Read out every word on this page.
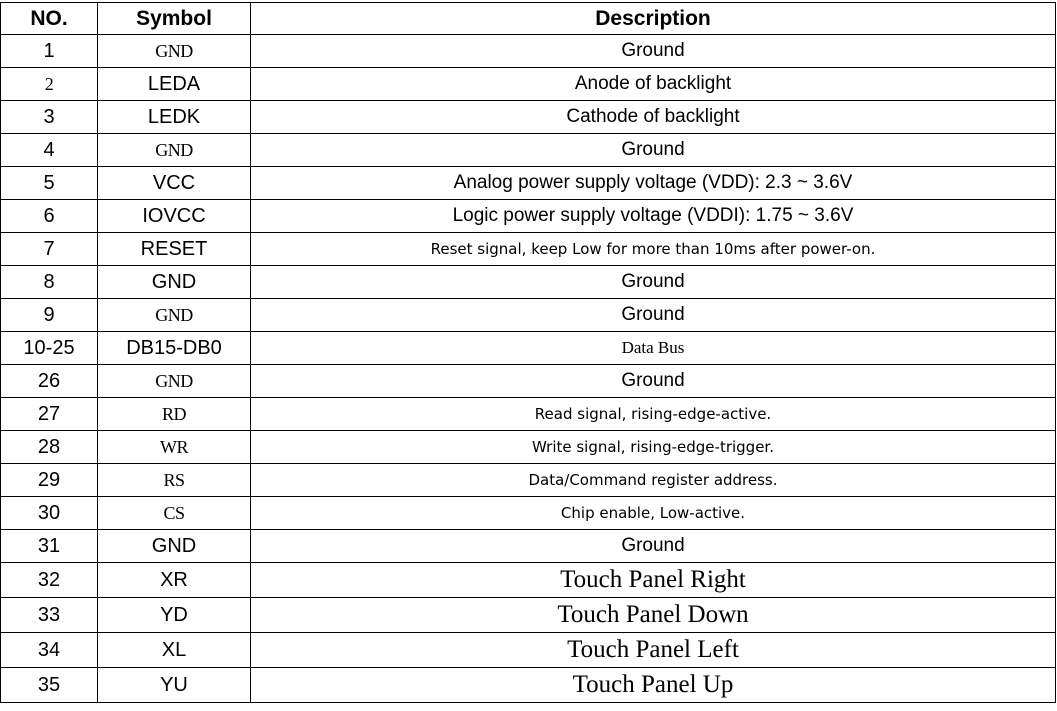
NO.	Symbol	Description
1	GND	Ground
2	LEDA	Anode of backlight
3	LEDK	Cathode of backlight
4	GND	Ground
5	VCC	Analog power supply voltage (VDD): 2.3 ~ 3.6V
6	IOVCC	Logic power supply voltage (VDDI): 1.75 ~ 3.6V
7	RESET	Reset signal, keep Low for more than 10ms after power-on.
8	GND	Ground
9	GND	Ground
10-25	DB15-DB0	Data Bus
26	GND	Ground
27	RD	Read signal, rising-edge-active.
28	WR	Write signal, rising-edge-trigger.
29	RS	Data/Command register address.
30	CS	Chip enable, Low-active.
31	GND	Ground
32	XR	Touch Panel Right
33	YD	Touch Panel Down
34	XL	Touch Panel Left
35	YU	Touch Panel Up
